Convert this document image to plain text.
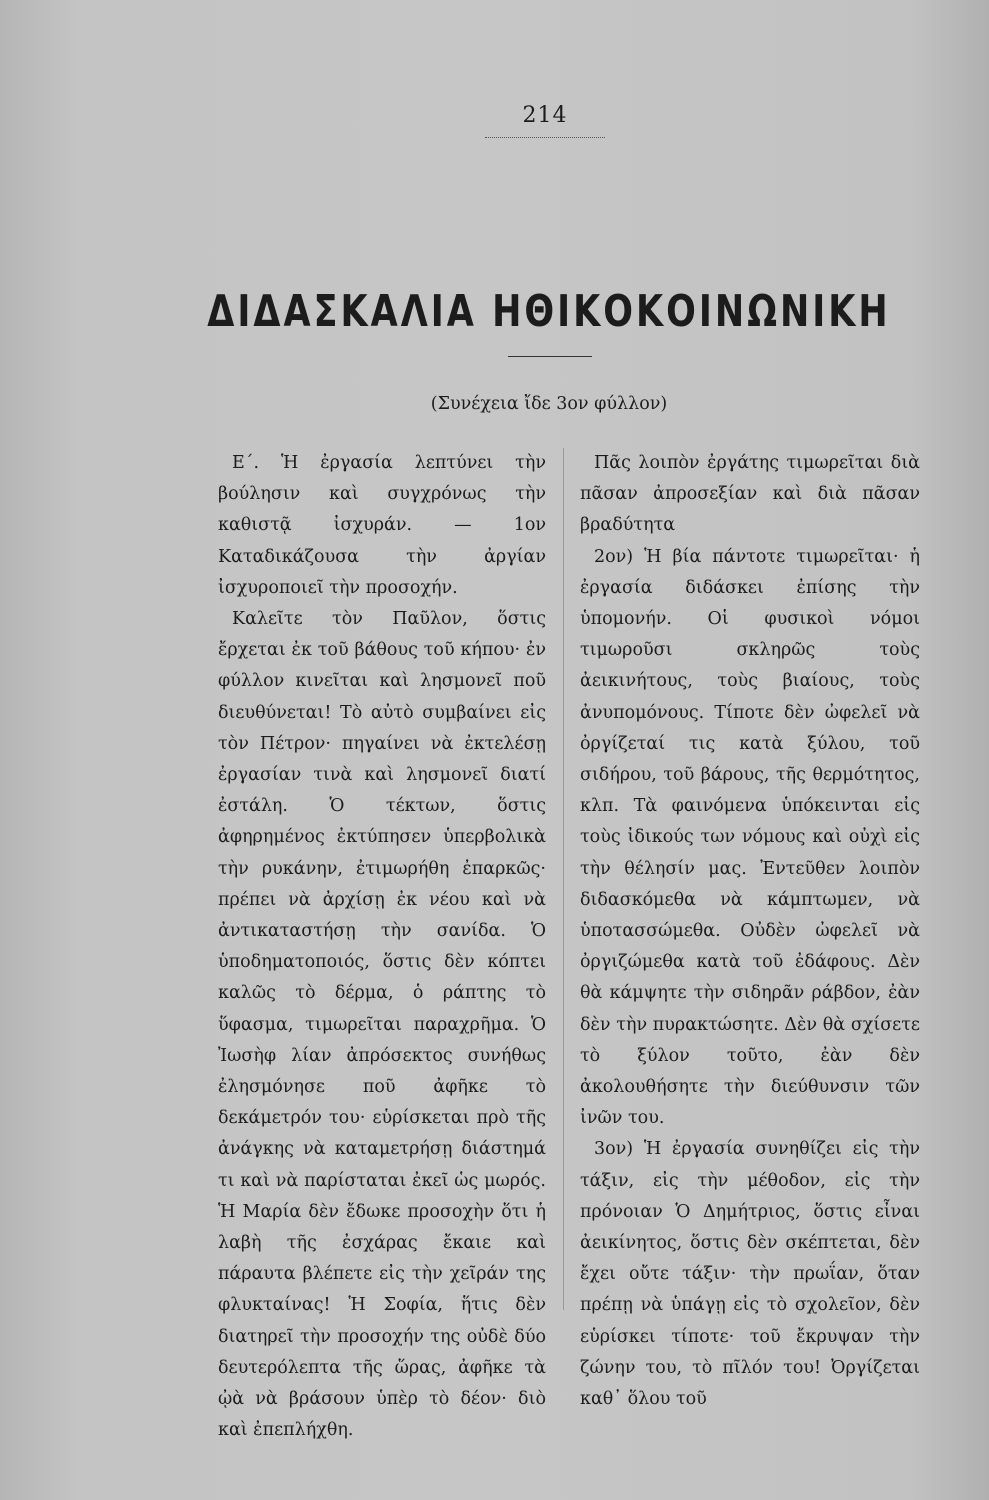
214
ΔΙΔΑΣΚΑΛΙΑ ΗΘΙΚΟΚΟΙΝΩΝΙΚΗ
(Συνέχεια ἴδε 3ον φύλλον)

Ε΄. Ἡ ἐργασία λεπτύνει τὴν βούλησιν καὶ συγχρόνως τὴν καθιστᾷ ἰσχυράν. — 1ον Καταδικάζουσα τὴν ἀργίαν ἰσχυροποιεῖ τὴν προσοχήν.

Καλεῖτε τὸν Παῦλον, ὅστις ἔρχεται ἐκ τοῦ βάθους τοῦ κήπου· ἐν φύλλον κινεῖται καὶ λησμονεῖ ποῦ διευθύνεται! Τὸ αὐτὸ συμβαίνει εἰς τὸν Πέτρον· πηγαίνει νὰ ἐκτελέσῃ ἐργασίαν τινὰ καὶ λησμονεῖ διατί ἐστάλη. Ὁ τέκτων, ὅστις ἀφηρημένος ἐκτύπησεν ὑπερβολικὰ τὴν ρυκάνην, ἐτιμωρήθη ἐπαρκῶς· πρέπει νὰ ἀρχίσῃ ἐκ νέου καὶ νὰ ἀντικαταστήσῃ τὴν σανίδα. Ὁ ὑποδηματοποιός, ὅστις δὲν κόπτει καλῶς τὸ δέρμα, ὁ ράπτης τὸ ὕφασμα, τιμωρεῖται παραχρῆμα. Ὁ Ἰωσὴφ λίαν ἀπρόσεκτος συνήθως ἐλησμόνησε ποῦ ἀφῆκε τὸ δεκάμετρόν του· εὑρίσκεται πρὸ τῆς ἀνάγκης νὰ καταμετρήσῃ διάστημά τι καὶ νὰ παρίσταται ἐκεῖ ὡς μωρός. Ἡ Μαρία δὲν ἔδωκε προσοχὴν ὅτι ἡ λαβὴ τῆς ἐσχάρας ἔκαιε καὶ πάραυτα βλέπετε εἰς τὴν χεῖράν της φλυκταίνας! Ἡ Σοφία, ἥτις δὲν διατηρεῖ τὴν προσοχήν της οὐδὲ δύο δευτερόλεπτα τῆς ὥρας, ἀφῆκε τὰ ᾠὰ νὰ βράσουν ὑπὲρ τὸ δέον· διὸ καὶ ἐπεπλήχθη.

Πᾶς λοιπὸν ἐργάτης τιμωρεῖται διὰ πᾶσαν ἀπροσεξίαν καὶ διὰ πᾶσαν βραδύτητα

2ον) Ἡ βία πάντοτε τιμωρεῖται· ἡ ἐργασία διδάσκει ἐπίσης τὴν ὑπομονήν. Οἱ φυσικοὶ νόμοι τιμωροῦσι σκληρῶς τοὺς ἀεικινήτους, τοὺς βιαίους, τοὺς ἀνυπομόνους. Τίποτε δὲν ὠφελεῖ νὰ ὀργίζεταί τις κατὰ ξύλου, τοῦ σιδήρου, τοῦ βάρους, τῆς θερμότητος, κλπ. Τὰ φαινόμενα ὑπόκεινται εἰς τοὺς ἰδικούς των νόμους καὶ οὐχὶ εἰς τὴν θέλησίν μας. Ἐντεῦθεν λοιπὸν διδασκόμεθα νὰ κάμπτωμεν, νὰ ὑποτασσώμεθα. Οὐδὲν ὠφελεῖ νὰ ὀργιζώμεθα κατὰ τοῦ ἐδάφους. Δὲν θὰ κάμψητε τὴν σιδηρᾶν ράβδον, ἐὰν δὲν τὴν πυρακτώσητε. Δὲν θὰ σχίσετε τὸ ξύλον τοῦτο, ἐὰν δὲν ἀκολουθήσητε τὴν διεύθυνσιν τῶν ἰνῶν του.

3ον) Ἡ ἐργασία συνηθίζει εἰς τὴν τάξιν, εἰς τὴν μέθοδον, εἰς τὴν πρόνοιαν Ὁ Δημήτριος, ὅστις εἶναι ἀεικίνητος, ὅστις δὲν σκέπτεται, δὲν ἔχει οὔτε τάξιν· τὴν πρωΐαν, ὅταν πρέπῃ νὰ ὑπάγῃ εἰς τὸ σχολεῖον, δὲν εὑρίσκει τίποτε· τοῦ ἔκρυψαν τὴν ζώνην του, τὸ πῖλόν του! Ὀργίζεται καθ᾽ ὅλου τοῦ
